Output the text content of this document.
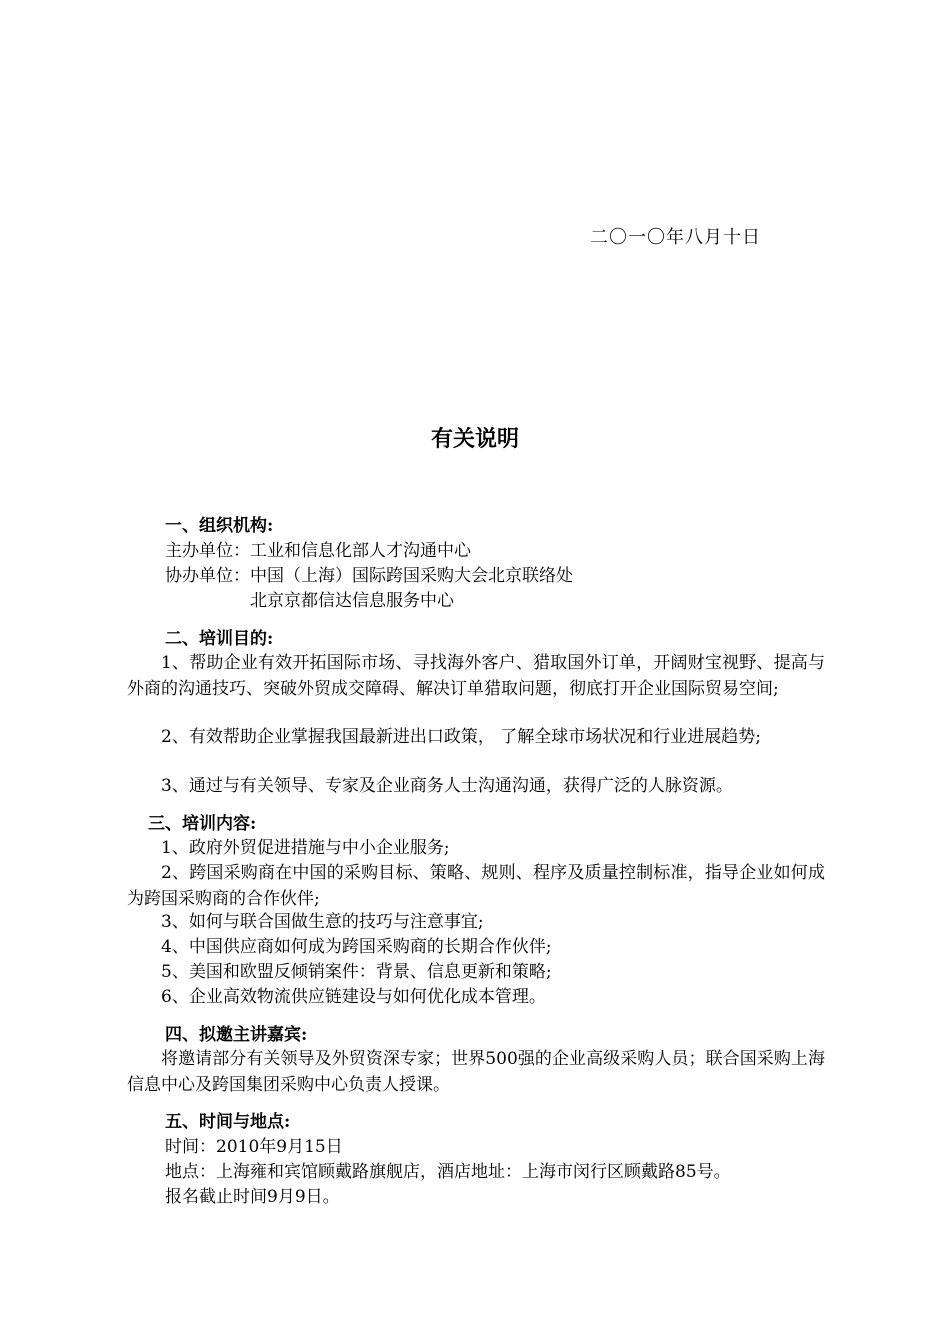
二〇一〇年八月十日
有关说明
一、组织机构:
主办单位：工业和信息化部人才沟通中心
协办单位：中国（上海）国际跨国采购大会北京联络处
北京京都信达信息服务中心
二、培训目的:
1、帮助企业有效开拓国际市场、寻找海外客户、猎取国外订单，开阔财宝视野、提高与外商的沟通技巧、突破外贸成交障碍、解决订单猎取问题，彻底打开企业国际贸易空间;
2、有效帮助企业掌握我国最新进出口政策， 了解全球市场状况和行业进展趋势;
3、通过与有关领导、专家及企业商务人士沟通沟通，获得广泛的人脉资源。
三、培训内容:
1、政府外贸促进措施与中小企业服务;
2、跨国采购商在中国的采购目标、策略、规则、程序及质量控制标准，指导企业如何成为跨国采购商的合作伙伴;
3、如何与联合国做生意的技巧与注意事宜;
4、中国供应商如何成为跨国采购商的长期合作伙伴;
5、美国和欧盟反倾销案件：背景、信息更新和策略;
6、企业高效物流供应链建设与如何优化成本管理。
四、拟邀主讲嘉宾:
将邀请部分有关领导及外贸资深专家；世界500强的企业高级采购人员；联合国采购上海信息中心及跨国集团采购中心负责人授课。
五、时间与地点:
时间：2010年9月15日
地点：上海雍和宾馆顾戴路旗舰店，酒店地址：上海市闵行区顾戴路85号。
报名截止时间9月9日。
